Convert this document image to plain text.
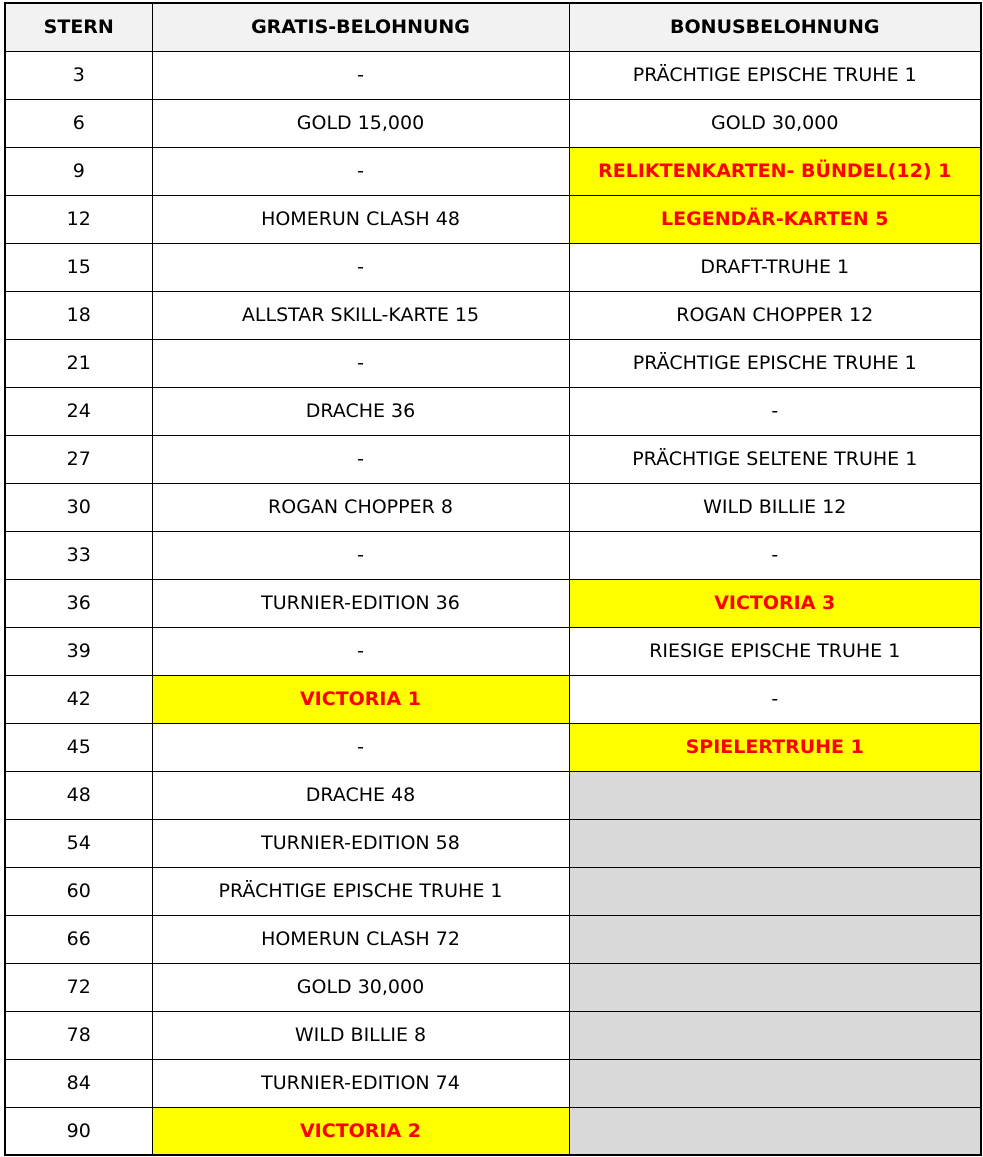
STERN	GRATIS-BELOHNUNG	BONUSBELOHNUNG
3	-	PRÄCHTIGE EPISCHE TRUHE 1
6	GOLD 15,000	GOLD 30,000
9	-	RELIKTENKARTEN- BÜNDEL(12) 1
12	HOMERUN CLASH 48	LEGENDÄR-KARTEN 5
15	-	DRAFT-TRUHE 1
18	ALLSTAR SKILL-KARTE 15	ROGAN CHOPPER 12
21	-	PRÄCHTIGE EPISCHE TRUHE 1
24	DRACHE 36	-
27	-	PRÄCHTIGE SELTENE TRUHE 1
30	ROGAN CHOPPER 8	WILD BILLIE 12
33	-	-
36	TURNIER-EDITION 36	VICTORIA 3
39	-	RIESIGE EPISCHE TRUHE 1
42	VICTORIA 1	-
45	-	SPIELERTRUHE 1
48	DRACHE 48	
54	TURNIER-EDITION 58	
60	PRÄCHTIGE EPISCHE TRUHE 1	
66	HOMERUN CLASH 72	
72	GOLD 30,000	
78	WILD BILLIE 8	
84	TURNIER-EDITION 74	
90	VICTORIA 2	
